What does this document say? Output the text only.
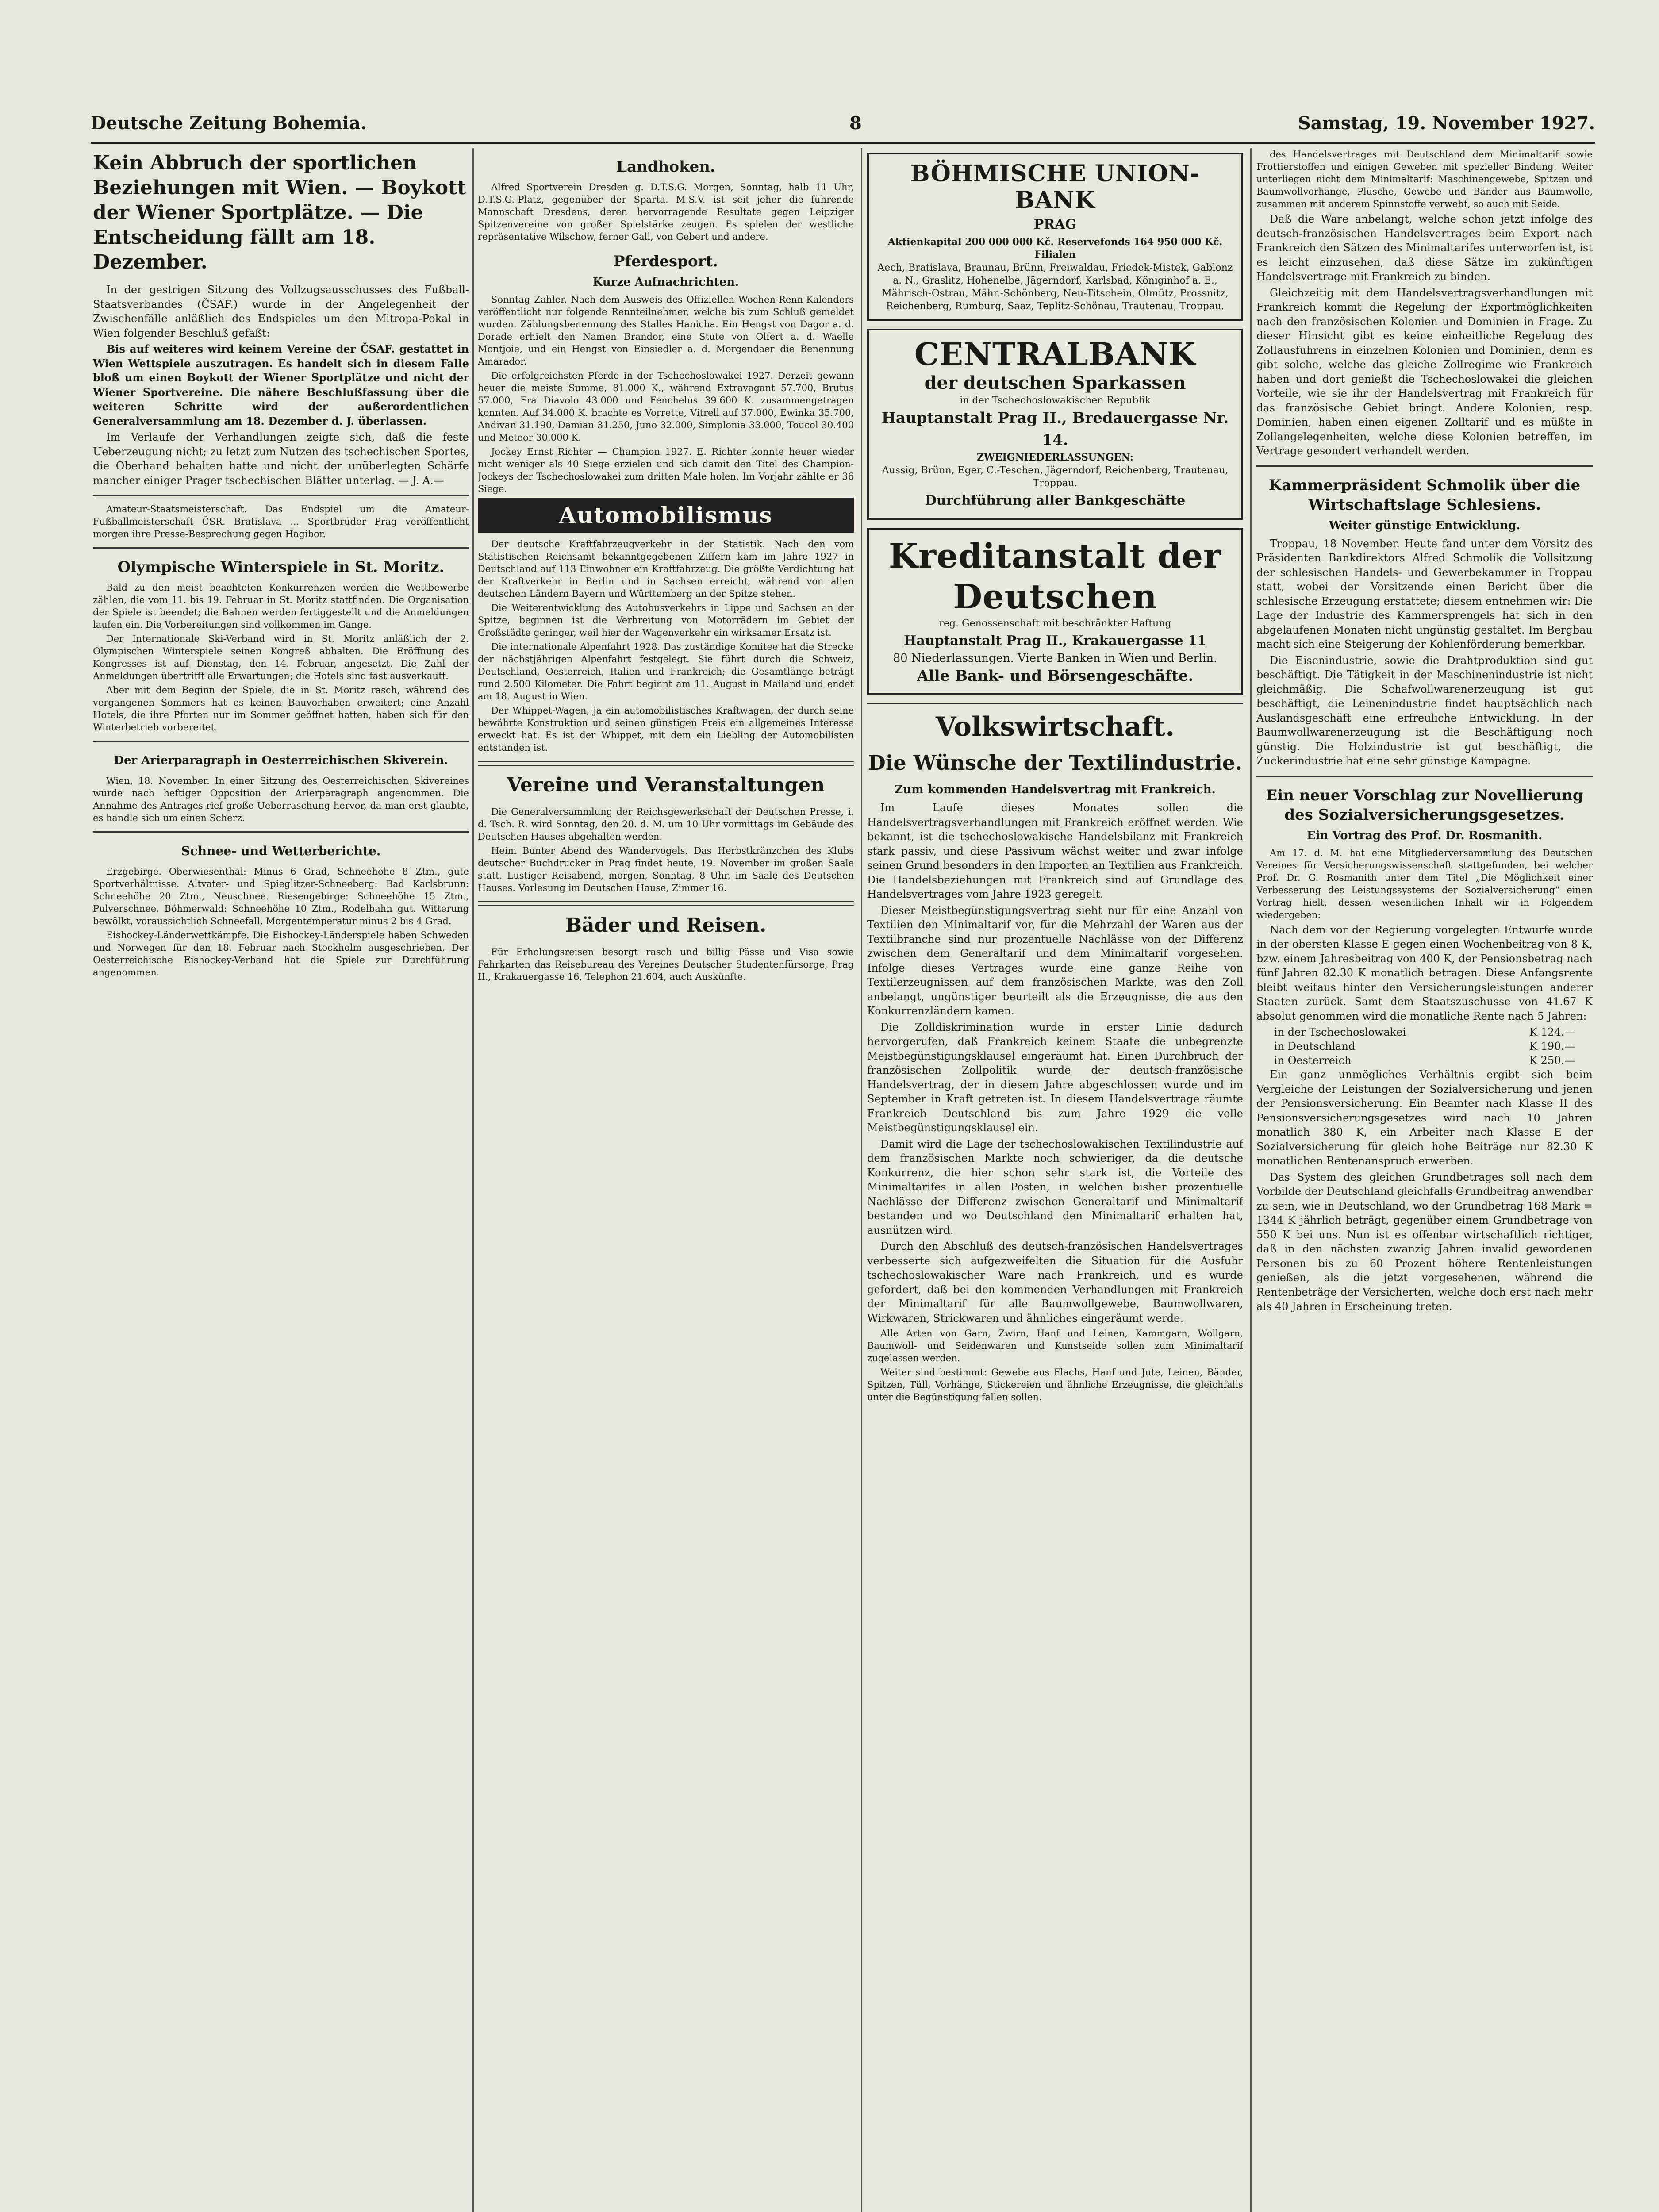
Deutsche Zeitung Bohemia.	8	Samstag, 19. November 1927.
Kein Abbruch der sportlichen Beziehungen mit Wien. — Boykott der Wiener Sportplätze. — Die Entscheidung fällt am 18. Dezember.

In der gestrigen Sitzung des Vollzugsausschusses des Fußball-Staatsverbandes (ČSAF.) wurde in der Angelegenheit der Zwischenfälle anläßlich des Endspieles um den Mitropa-Pokal in Wien folgender Beschluß gefaßt:

Bis auf weiteres wird keinem Vereine der ČSAF. gestattet in Wien Wettspiele auszutragen. Es handelt sich in diesem Falle bloß um einen Boykott der Wiener Sportplätze und nicht der Wiener Sportvereine. Die nähere Beschlußfassung über die weiteren Schritte wird der außerordentlichen Generalversammlung am 18. Dezember d. J. überlassen.

Im Verlaufe der Verhandlungen zeigte sich, daß die feste Ueberzeugung nicht; zu letzt zum Nutzen des tschechischen Sportes, die Oberhand behalten hatte und nicht der unüberlegten Schärfe mancher einiger Prager tschechischen Blätter unterlag. — J. A.—

Amateur-Staatsmeisterschaft. Das Endspiel um die Amateur-Fußballmeisterschaft ČSR. Bratislava ... Sportbrüder Prag veröffentlicht morgen ihre Presse-Besprechung gegen Hagibor.

Olympische Winterspiele in St. Moritz.

Bald zu den meist beachteten Konkurrenzen werden die Wettbewerbe zählen, die vom 11. bis 19. Februar in St. Moritz stattfinden. Die Organisation der Spiele ist beendet; die Bahnen werden fertiggestellt und die Anmeldungen laufen ein. Die Vorbereitungen sind vollkommen im Gange.

Der Internationale Ski-Verband wird in St. Moritz anläßlich der 2. Olympischen Winterspiele seinen Kongreß abhalten. Die Eröffnung des Kongresses ist auf Dienstag, den 14. Februar, angesetzt. Die Zahl der Anmeldungen übertrifft alle Erwartungen; die Hotels sind fast ausverkauft.

Aber mit dem Beginn der Spiele, die in St. Moritz rasch, während des vergangenen Sommers hat es keinen Bauvorhaben erweitert; eine Anzahl Hotels, die ihre Pforten nur im Sommer geöffnet hatten, haben sich für den Winterbetrieb vorbereitet.

Der Arierparagraph in Oesterreichischen Skiverein.

Wien, 18. November. In einer Sitzung des Oesterreichischen Skivereines wurde nach heftiger Opposition der Arierparagraph angenommen. Die Annahme des Antrages rief große Ueberraschung hervor, da man erst glaubte, es handle sich um einen Scherz.

Schnee- und Wetterberichte.

Erzgebirge. Oberwiesenthal: Minus 6 Grad, Schneehöhe 8 Ztm., gute Sportverhältnisse. Altvater- und Spieglitzer-Schneeberg: Bad Karlsbrunn: Schneehöhe 20 Ztm., Neuschnee. Riesengebirge: Schneehöhe 15 Ztm., Pulverschnee. Böhmerwald: Schneehöhe 10 Ztm., Rodelbahn gut. Witterung bewölkt, voraussichtlich Schneefall, Morgentemperatur minus 2 bis 4 Grad.

Eishockey-Länderwettkämpfe. Die Eishockey-Länderspiele haben Schweden und Norwegen für den 18. Februar nach Stockholm ausgeschrieben. Der Oesterreichische Eishockey-Verband hat die Spiele zur Durchführung angenommen.

Landhoken.

Alfred Sportverein Dresden g. D.T.S.G. Morgen, Sonntag, halb 11 Uhr, D.T.S.G.-Platz, gegenüber der Sparta. M.S.V. ist seit jeher die führende Mannschaft Dresdens, deren hervorragende Resultate gegen Leipziger Spitzenvereine von großer Spielstärke zeugen. Es spielen der westliche repräsentative Wilschow, ferner Gall, von Gebert und andere.

Pferdesport.
Kurze Aufnachrichten.

Sonntag Zahler. Nach dem Ausweis des Offiziellen Wochen-Renn-Kalenders veröffentlicht nur folgende Rennteilnehmer, welche bis zum Schluß gemeldet wurden. Zählungsbenennung des Stalles Hanicha. Ein Hengst von Dagor a. d. Dorade erhielt den Namen Brandor, eine Stute von Olfert a. d. Waelle Montjoie, und ein Hengst von Einsiedler a. d. Morgendaer die Benennung Amarador.

Die erfolgreichsten Pferde in der Tschechoslowakei 1927. Derzeit gewann heuer die meiste Summe, 81.000 K., während Extravagant 57.700, Brutus 57.000, Fra Diavolo 43.000 und Fenchelus 39.600 K. zusammengetragen konnten. Auf 34.000 K. brachte es Vorrette, Vitrell auf 37.000, Ewinka 35.700, Andivan 31.190, Damian 31.250, Juno 32.000, Simplonia 33.000, Toucol 30.400 und Meteor 30.000 K.

Jockey Ernst Richter — Champion 1927. E. Richter konnte heuer wieder nicht weniger als 40 Siege erzielen und sich damit den Titel des Champion-Jockeys der Tschechoslowakei zum dritten Male holen. Im Vorjahr zählte er 36 Siege.

Automobilismus

Der deutsche Kraftfahrzeugverkehr in der Statistik. Nach den vom Statistischen Reichsamt bekanntgegebenen Ziffern kam im Jahre 1927 in Deutschland auf 113 Einwohner ein Kraftfahrzeug. Die größte Verdichtung hat der Kraftverkehr in Berlin und in Sachsen erreicht, während von allen deutschen Ländern Bayern und Württemberg an der Spitze stehen.

Die Weiterentwicklung des Autobusverkehrs in Lippe und Sachsen an der Spitze, beginnen ist die Verbreitung von Motorrädern im Gebiet der Großstädte geringer, weil hier der Wagenverkehr ein wirksamer Ersatz ist.

Die internationale Alpenfahrt 1928. Das zuständige Komitee hat die Strecke der nächstjährigen Alpenfahrt festgelegt. Sie führt durch die Schweiz, Deutschland, Oesterreich, Italien und Frankreich; die Gesamtlänge beträgt rund 2.500 Kilometer. Die Fahrt beginnt am 11. August in Mailand und endet am 18. August in Wien.

Der Whippet-Wagen, ja ein automobilistisches Kraftwagen, der durch seine bewährte Konstruktion und seinen günstigen Preis ein allgemeines Interesse erweckt hat. Es ist der Whippet, mit dem ein Liebling der Automobilisten entstanden ist.

Vereine und Veranstaltungen

Die Generalversammlung der Reichsgewerkschaft der Deutschen Presse, i. d. Tsch. R. wird Sonntag, den 20. d. M. um 10 Uhr vormittags im Gebäude des Deutschen Hauses abgehalten werden.

Heim Bunter Abend des Wandervogels. Das Herbstkränzchen des Klubs deutscher Buchdrucker in Prag findet heute, 19. November im großen Saale statt. Lustiger Reisabend, morgen, Sonntag, 8 Uhr, im Saale des Deutschen Hauses. Vorlesung im Deutschen Hause, Zimmer 16.

Bäder und Reisen.

Für Erholungsreisen besorgt rasch und billig Pässe und Visa sowie Fahrkarten das Reisebureau des Vereines Deutscher Studentenfürsorge, Prag II., Krakauergasse 16, Telephon 21.604, auch Auskünfte.

BÖHMISCHE UNION-BANK
PRAG
Aktienkapital 200 000 000 Kč. Reservefonds 164 950 000 Kč.
Filialen
Aech, Bratislava, Braunau, Brünn, Freiwaldau, Friedek-Mistek, Gablonz a. N., Graslitz, Hohenelbe, Jägerndorf, Karlsbad, Königinhof a. E., Mährisch-Ostrau, Mähr.-Schönberg, Neu-Titschein, Olmütz, Prossnitz, Reichenberg, Rumburg, Saaz, Teplitz-Schönau, Trautenau, Troppau.
CENTRALBANK
der deutschen Sparkassen
in der Tschechoslowakischen Republik
Hauptanstalt Prag II., Bredauergasse Nr. 14.
ZWEIGNIEDERLASSUNGEN:
Aussig, Brünn, Eger, C.-Teschen, Jägerndorf, Reichenberg, Trautenau, Troppau.
Durchführung aller Bankgeschäfte
Kreditanstalt der Deutschen
reg. Genossenschaft mit beschränkter Haftung
Hauptanstalt Prag II., Krakauergasse 11
80 Niederlassungen. Vierte Banken in Wien und Berlin.
Alle Bank- und Börsengeschäfte.
Volkswirtschaft.
Die Wünsche der Textilindustrie.
Zum kommenden Handelsvertrag mit Frankreich.

Im Laufe dieses Monates sollen die Handelsvertragsverhandlungen mit Frankreich eröffnet werden. Wie bekannt, ist die tschechoslowakische Handelsbilanz mit Frankreich stark passiv, und diese Passivum wächst weiter und zwar infolge seinen Grund besonders in den Importen an Textilien aus Frankreich. Die Handelsbeziehungen mit Frankreich sind auf Grundlage des Handelsvertrages vom Jahre 1923 geregelt.

Dieser Meistbegünstigungsvertrag sieht nur für eine Anzahl von Textilien den Minimaltarif vor, für die Mehrzahl der Waren aus der Textilbranche sind nur prozentuelle Nachlässe von der Differenz zwischen dem Generaltarif und dem Minimaltarif vorgesehen. Infolge dieses Vertrages wurde eine ganze Reihe von Textilerzeugnissen auf dem französischen Markte, was den Zoll anbelangt, ungünstiger beurteilt als die Erzeugnisse, die aus den Konkurrenzländern kamen.

Die Zolldiskrimination wurde in erster Linie dadurch hervorgerufen, daß Frankreich keinem Staate die unbegrenzte Meistbegünstigungsklausel eingeräumt hat. Einen Durchbruch der französischen Zollpolitik wurde der deutsch-französische Handelsvertrag, der in diesem Jahre abgeschlossen wurde und im September in Kraft getreten ist. In diesem Handelsvertrage räumte Frankreich Deutschland bis zum Jahre 1929 die volle Meistbegünstigungsklausel ein.

Damit wird die Lage der tschechoslowakischen Textilindustrie auf dem französischen Markte noch schwieriger, da die deutsche Konkurrenz, die hier schon sehr stark ist, die Vorteile des Minimaltarifes in allen Posten, in welchen bisher prozentuelle Nachlässe der Differenz zwischen Generaltarif und Minimaltarif bestanden und wo Deutschland den Minimaltarif erhalten hat, ausnützen wird.

Durch den Abschluß des deutsch-französischen Handelsvertrages verbesserte sich aufgezweifelten die Situation für die Ausfuhr tschechoslowakischer Ware nach Frankreich, und es wurde gefordert, daß bei den kommenden Verhandlungen mit Frankreich der Minimaltarif für alle Baumwollgewebe, Baumwollwaren, Wirkwaren, Strickwaren und ähnliches eingeräumt werde.

Alle Arten von Garn, Zwirn, Hanf und Leinen, Kammgarn, Wollgarn, Baumwoll- und Seidenwaren und Kunstseide sollen zum Minimaltarif zugelassen werden.

Weiter sind bestimmt: Gewebe aus Flachs, Hanf und Jute, Leinen, Bänder, Spitzen, Tüll, Vorhänge, Stickereien und ähnliche Erzeugnisse, die gleichfalls unter die Begünstigung fallen sollen.

des Handelsvertrages mit Deutschland dem Minimaltarif sowie Frottierstoffen und einigen Geweben mit spezieller Bindung. Weiter unterliegen nicht dem Minimaltarif: Maschinengewebe, Spitzen und Baumwollvorhänge, Plüsche, Gewebe und Bänder aus Baumwolle, zusammen mit anderem Spinnstoffe verwebt, so auch mit Seide.

Daß die Ware anbelangt, welche schon jetzt infolge des deutsch-französischen Handelsvertrages beim Export nach Frankreich den Sätzen des Minimaltarifes unterworfen ist, ist es leicht einzusehen, daß diese Sätze im zukünftigen Handelsvertrage mit Frankreich zu binden.

Gleichzeitig mit dem Handelsvertragsverhandlungen mit Frankreich kommt die Regelung der Exportmöglichkeiten nach den französischen Kolonien und Dominien in Frage. Zu dieser Hinsicht gibt es keine einheitliche Regelung des Zollausfuhrens in einzelnen Kolonien und Dominien, denn es gibt solche, welche das gleiche Zollregime wie Frankreich haben und dort genießt die Tschechoslowakei die gleichen Vorteile, wie sie ihr der Handelsvertrag mit Frankreich für das französische Gebiet bringt. Andere Kolonien, resp. Dominien, haben einen eigenen Zolltarif und es müßte in Zollangelegenheiten, welche diese Kolonien betreffen, im Vertrage gesondert verhandelt werden.

Kammerpräsident Schmolik über die Wirtschaftslage Schlesiens.
Weiter günstige Entwicklung.

Troppau, 18 November. Heute fand unter dem Vorsitz des Präsidenten Bankdirektors Alfred Schmolik die Vollsitzung der schlesischen Handels- und Gewerbekammer in Troppau statt, wobei der Vorsitzende einen Bericht über die schlesische Erzeugung erstattete; diesem entnehmen wir: Die Lage der Industrie des Kammersprengels hat sich in den abgelaufenen Monaten nicht ungünstig gestaltet. Im Bergbau macht sich eine Steigerung der Kohlenförderung bemerkbar.

Die Eisenindustrie, sowie die Drahtproduktion sind gut beschäftigt. Die Tätigkeit in der Maschinenindustrie ist nicht gleichmäßig. Die Schafwollwarenerzeugung ist gut beschäftigt, die Leinenindustrie findet hauptsächlich nach Auslandsgeschäft eine erfreuliche Entwicklung. In der Baumwollwarenerzeugung ist die Beschäftigung noch günstig. Die Holzindustrie ist gut beschäftigt, die Zuckerindustrie hat eine sehr günstige Kampagne.

Ein neuer Vorschlag zur Novellierung des Sozialversicherungsgesetzes.
Ein Vortrag des Prof. Dr. Rosmanith.

Am 17. d. M. hat eine Mitgliederversammlung des Deutschen Vereines für Versicherungswissenschaft stattgefunden, bei welcher Prof. Dr. G. Rosmanith unter dem Titel „Die Möglichkeit einer Verbesserung des Leistungssystems der Sozialversicherung“ einen Vortrag hielt, dessen wesentlichen Inhalt wir in Folgendem wiedergeben:

Nach dem vor der Regierung vorgelegten Entwurfe wurde in der obersten Klasse E gegen einen Wochenbeitrag von 8 K, bzw. einem Jahresbeitrag von 400 K, der Pensionsbetrag nach fünf Jahren 82.30 K monatlich betragen. Diese Anfangsrente bleibt weitaus hinter den Versicherungsleistungen anderer Staaten zurück. Samt dem Staatszuschusse von 41.67 K absolut genommen wird die monatliche Rente nach 5 Jahren:

in der Tschechoslowakei	K 124.—
in Deutschland	K 190.—
in Oesterreich	K 250.—

Ein ganz unmögliches Verhältnis ergibt sich beim Vergleiche der Leistungen der Sozialversicherung und jenen der Pensionsversicherung. Ein Beamter nach Klasse II des Pensionsversicherungsgesetzes wird nach 10 Jahren monatlich 380 K, ein Arbeiter nach Klasse E der Sozialversicherung für gleich hohe Beiträge nur 82.30 K monatlichen Rentenanspruch erwerben.

Das System des gleichen Grundbetrages soll nach dem Vorbilde der Deutschland gleichfalls Grundbeitrag anwendbar zu sein, wie in Deutschland, wo der Grundbetrag 168 Mark = 1344 K jährlich beträgt, gegenüber einem Grundbetrage von 550 K bei uns. Nun ist es offenbar wirtschaftlich richtiger, daß in den nächsten zwanzig Jahren invalid gewordenen Personen bis zu 60 Prozent höhere Rentenleistungen genießen, als die jetzt vorgesehenen, während die Rentenbeträge der Versicherten, welche doch erst nach mehr als 40 Jahren in Erscheinung treten.
